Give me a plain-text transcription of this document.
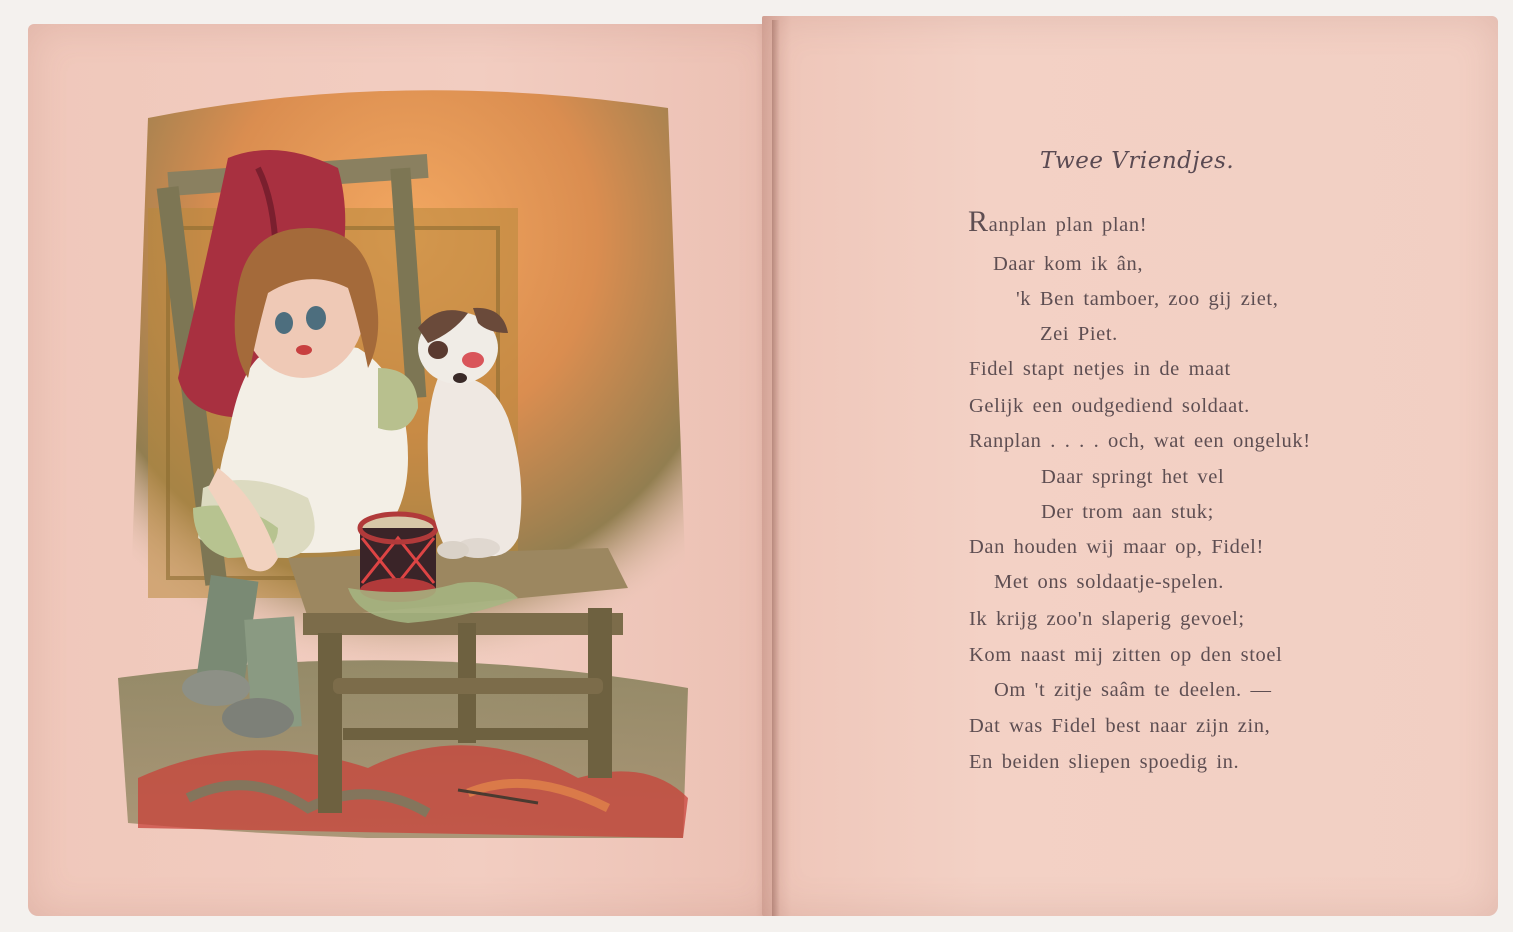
Twee Vriendjes.
Ranplan plan plan!
Daar kom ik ân,
'k Ben tamboer, zoo gij ziet,
Zei Piet.
Fidel stapt netjes in de maat
Gelijk een oudgediend soldaat.
Ranplan . . . . och, wat een ongeluk!
Daar springt het vel
Der trom aan stuk;
Dan houden wij maar op, Fidel!
Met ons soldaatje-spelen.
Ik krijg zoo'n slaperig gevoel;
Kom naast mij zitten op den stoel
Om 't zitje saâm te deelen. —
Dat was Fidel best naar zijn zin,
En beiden sliepen spoedig in.
